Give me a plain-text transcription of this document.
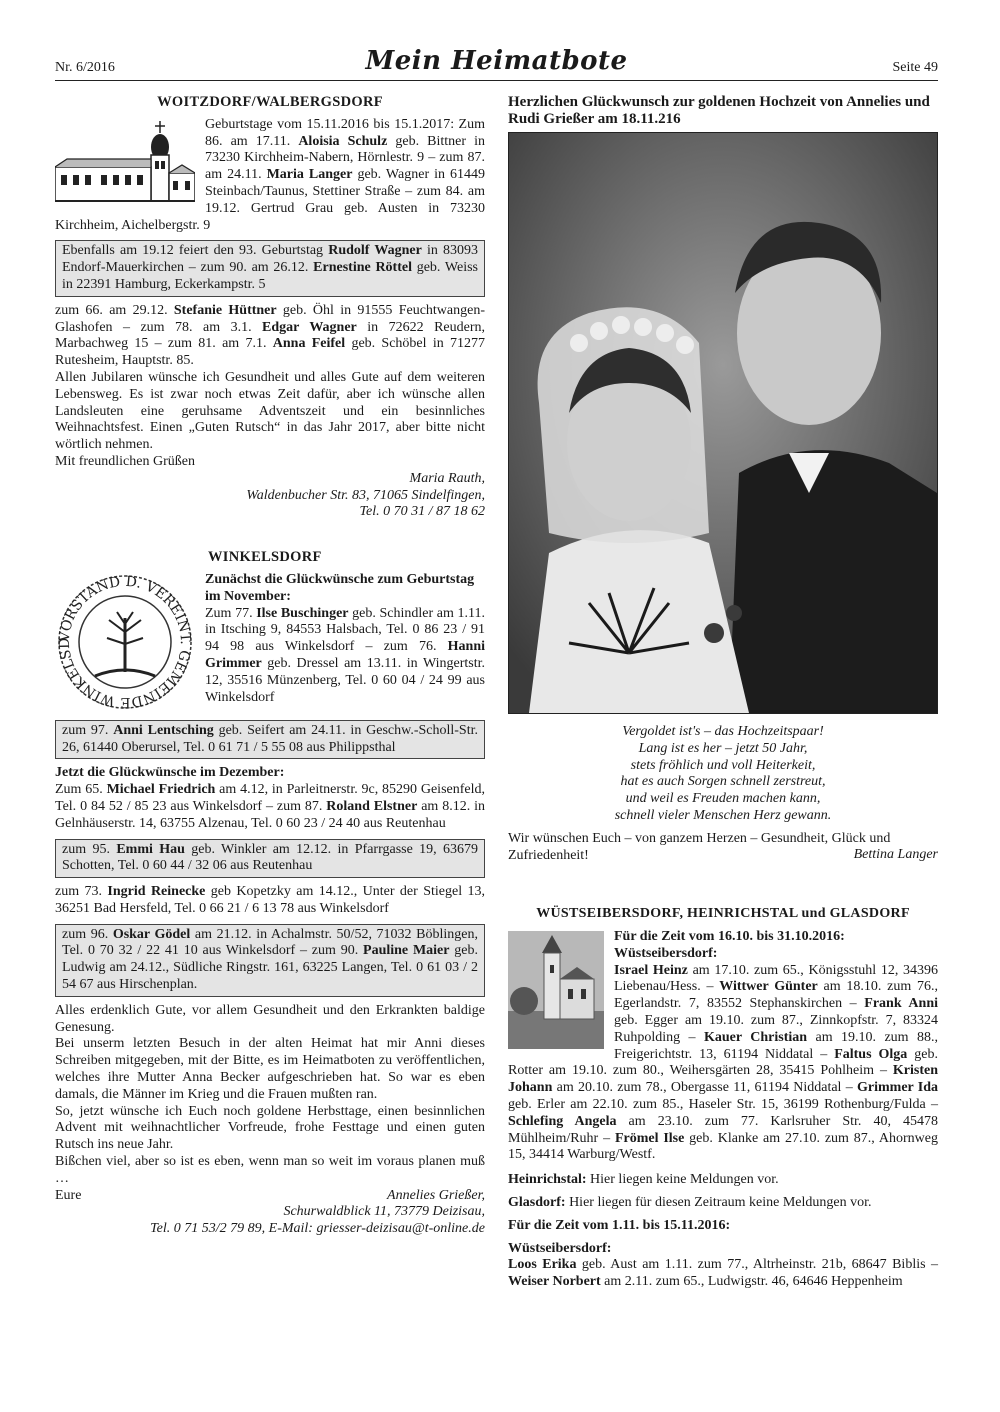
Nr. 6/2016	Mein Heimatbote	Seite 49

WOITZDORF/WALBERGSDORF

Geburtstage vom 15.11.2016 bis 15.1.2017: Zum 86. am 17.11. Aloisia Schulz geb. Bittner in 73230 Kirchheim-Nabern, Hörnlestr. 9 – zum 87. am 24.11. Maria Langer geb. Wagner in 61449 Steinbach/Taunus, Stettiner Straße – zum 84. am 19.12. Gertrud Grau geb. Austen in 73230 Kirchheim, Aichelbergstr. 9

Ebenfalls am 19.12 feiert den 93. Geburtstag Rudolf Wagner in 83093 Endorf-Mauerkirchen – zum 90. am 26.12. Ernestine Röttel geb. Weiss in 22391 Hamburg, Eckerkampstr. 5

zum 66. am 29.12. Stefanie Hüttner geb. Öhl in 91555 Feuchtwangen-Glashofen – zum 78. am 3.1. Edgar Wagner in 72622 Reudern, Marbachweg 15 – zum 81. am 7.1. Anna Feifel geb. Schöbel in 71277 Rutesheim, Hauptstr. 85.

Allen Jubilaren wünsche ich Gesundheit und alles Gute auf dem weiteren Lebensweg. Es ist zwar noch etwas Zeit dafür, aber ich wünsche allen Landsleuten eine geruhsame Adventszeit und ein besinnliches Weihnachtsfest. Einen „Guten Rutsch“ in das Jahr 2017, aber bitte nicht wörtlich nehmen.

Mit freundlichen Grüßen

Maria Rauth,

Waldenbucher Str. 83, 71065 Sindelfingen,

Tel. 0 70 31 / 87 18 62

WINKELSDORF

VORSTAND D. VEREINT. GEMEINDE WINKELSD

Zunächst die Glückwünsche zum Geburtstag im November:

Zum 77. Ilse Buschinger geb. Schindler am 1.11. in Itsching 9, 84553 Halsbach, Tel. 0 86 23 / 91 94 98 aus Winkelsdorf – zum 76. Hanni Grimmer geb. Dressel am 13.11. in Wingertstr. 12, 35516 Münzenberg, Tel. 0 60 04 / 24 99 aus Winkelsdorf

zum 97. Anni Lentsching geb. Seifert am 24.11. in Geschw.-Scholl-Str. 26, 61440 Oberursel, Tel. 0 61 71 / 5 55 08 aus Philippsthal

Jetzt die Glückwünsche im Dezember:

Zum 65. Michael Friedrich am 4.12, in Parleitnerstr. 9c, 85290 Geisenfeld, Tel. 0 84 52 / 85 23 aus Winkelsdorf – zum 87. Roland Elstner am 8.12. in Gelnhäuserstr. 14, 63755 Alzenau, Tel. 0 60 23 / 24 40 aus Reutenhau

zum 95. Emmi Hau geb. Winkler am 12.12. in Pfarrgasse 19, 63679 Schotten, Tel. 0 60 44 / 32 06 aus Reutenhau

zum 73. Ingrid Reinecke geb Kopetzky am 14.12., Unter der Stiegel 13, 36251 Bad Hersfeld, Tel. 0 66 21 / 6 13 78 aus Winkelsdorf

zum 96. Oskar Gödel am 21.12. in Achalmstr. 50/52, 71032 Böblingen, Tel. 0 70 32 / 22 41 10 aus Winkelsdorf – zum 90. Pauline Maier geb. Ludwig am 24.12., Südliche Ringstr. 161, 63225 Langen, Tel. 0 61 03 / 2 54 67 aus Hirschenplan.

Alles erdenklich Gute, vor allem Gesundheit und den Erkrankten baldige Genesung.

Bei unserm letzten Besuch in der alten Heimat hat mir Anni dieses Schreiben mitgegeben, mit der Bitte, es im Heimatboten zu veröffentlichen, welches ihre Mutter Anna Becker aufgeschrieben hat. So war es eben damals, die Männer im Krieg und die Frauen mußten ran.

So, jetzt wünsche ich Euch noch goldene Herbsttage, einen besinnlichen Advent mit weihnachtlicher Vorfreude, frohe Festtage und einen guten Rutsch ins neue Jahr.

Bißchen viel, aber so ist es eben, wenn man so weit im voraus planen muß …

Eure	Annelies Grießer,

Schurwaldblick 11, 73779 Deizisau,

Tel. 0 71 53/2 79 89, E-Mail: griesser-deizisau@t-online.de

Herzlichen Glückwunsch zur goldenen Hochzeit von Annelies und Rudi Grießer am 18.11.216

Vergoldet ist's – das Hochzeitspaar!

Lang ist es her – jetzt 50 Jahr,

stets fröhlich und voll Heiterkeit,

hat es auch Sorgen schnell zerstreut,

und weil es Freuden machen kann,

schnell vieler Menschen Herz gewann.

Wir wünschen Euch – von ganzem Herzen – Gesundheit, Glück und Zufriedenheit!	Bettina Langer

WÜSTSEIBERSDORF, HEINRICHSTAL und GLASDORF

Für die Zeit vom 16.10. bis 31.10.2016:

Wüstseibersdorf:

Israel Heinz am 17.10. zum 65., Königsstuhl 12, 34396 Liebenau/Hess. – Wittwer Günter am 18.10. zum 76., Egerlandstr. 7, 83552 Stephanskirchen – Frank Anni geb. Egger am 19.10. zum 87., Zinnkopfstr. 7, 83324 Ruhpolding – Kauer Christian am 19.10. zum 88., Freigerichtstr. 13, 61194 Niddatal – Faltus Olga geb. Rotter am 19.10. zum 80., Weihersgärten 28, 35415 Pohlheim – Kristen Johann am 20.10. zum 78., Obergasse 11, 61194 Niddatal – Grimmer Ida geb. Erler am 22.10. zum 85., Haseler Str. 15, 36199 Rothenburg/Fulda – Schlefing Angela am 23.10. zum 77. Karlsruher Str. 40, 45478 Mühlheim/Ruhr – Frömel Ilse geb. Klanke am 27.10. zum 87., Ahornweg 15, 34414 Warburg/Westf.

Heinrichstal: Hier liegen keine Meldungen vor.

Glasdorf: Hier liegen für diesen Zeitraum keine Meldungen vor.

Für die Zeit vom 1.11. bis 15.11.2016:

Wüstseibersdorf:

Loos Erika geb. Aust am 1.11. zum 77., Altrheinstr. 21b, 68647 Biblis – Weiser Norbert am 2.11. zum 65., Ludwigstr. 46, 64646 Heppenheim
